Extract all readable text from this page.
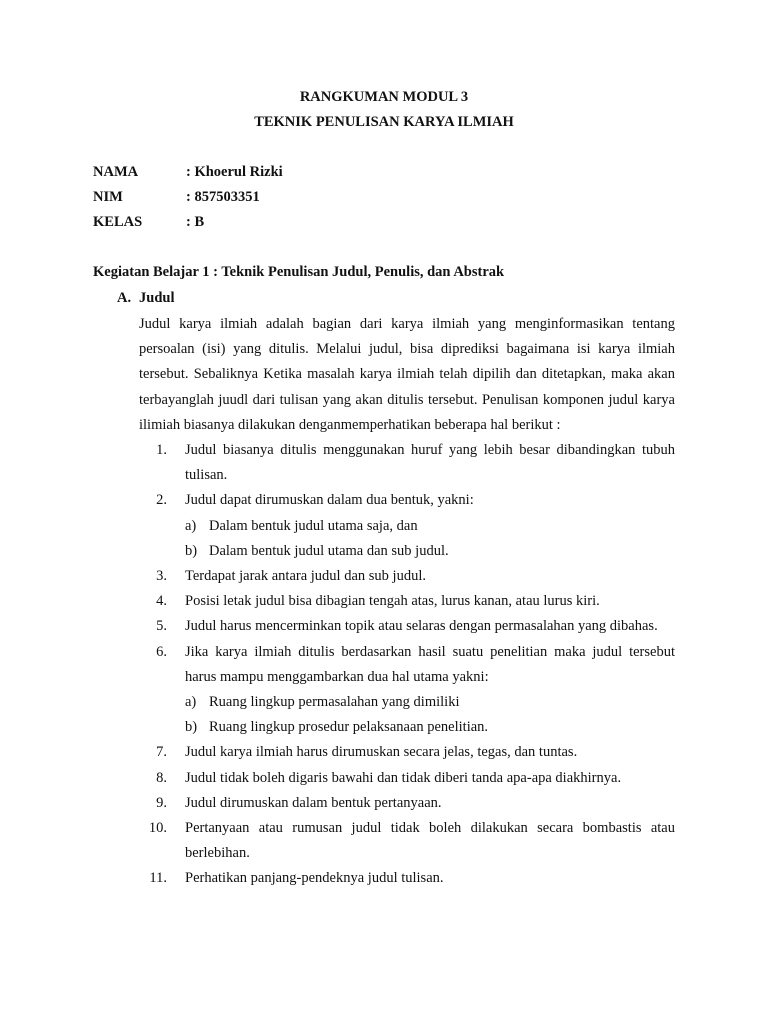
RANGKUMAN MODUL 3
TEKNIK PENULISAN KARYA ILMIAH
NAMA	: Khoerul Rizki
NIM	: 857503351
KELAS	: B
Kegiatan Belajar 1 : Teknik Penulisan Judul, Penulis, dan Abstrak
A. Judul

Judul karya ilmiah adalah bagian dari karya ilmiah yang menginformasikan tentang persoalan (isi) yang ditulis. Melalui judul, bisa diprediksi bagaimana isi karya ilmiah tersebut. Sebaliknya Ketika masalah karya ilmiah telah dipilih dan ditetapkan, maka akan terbayanglah juudl dari tulisan yang akan ditulis tersebut. Penulisan komponen judul karya ilimiah biasanya dilakukan denganmemperhatikan beberapa hal berikut :

1. Judul biasanya ditulis menggunakan huruf yang lebih besar dibandingkan tubuh tulisan.
2. Judul dapat dirumuskan dalam dua bentuk, yakni:
a) Dalam bentuk judul utama saja, dan
b) Dalam bentuk judul utama dan sub judul.
3. Terdapat jarak antara judul dan sub judul.
4. Posisi letak judul bisa dibagian tengah atas, lurus kanan, atau lurus kiri.
5. Judul harus mencerminkan topik atau selaras dengan permasalahan yang dibahas.
6. Jika karya ilmiah ditulis berdasarkan hasil suatu penelitian maka judul tersebut harus mampu menggambarkan dua hal utama yakni:
a) Ruang lingkup permasalahan yang dimiliki
b) Ruang lingkup prosedur pelaksanaan penelitian.
7. Judul karya ilmiah harus dirumuskan secara jelas, tegas, dan tuntas.
8. Judul tidak boleh digaris bawahi dan tidak diberi tanda apa-apa diakhirnya.
9. Judul dirumuskan dalam bentuk pertanyaan.
10. Pertanyaan atau rumusan judul tidak boleh dilakukan secara bombastis atau berlebihan.
11. Perhatikan panjang-pendeknya judul tulisan.
